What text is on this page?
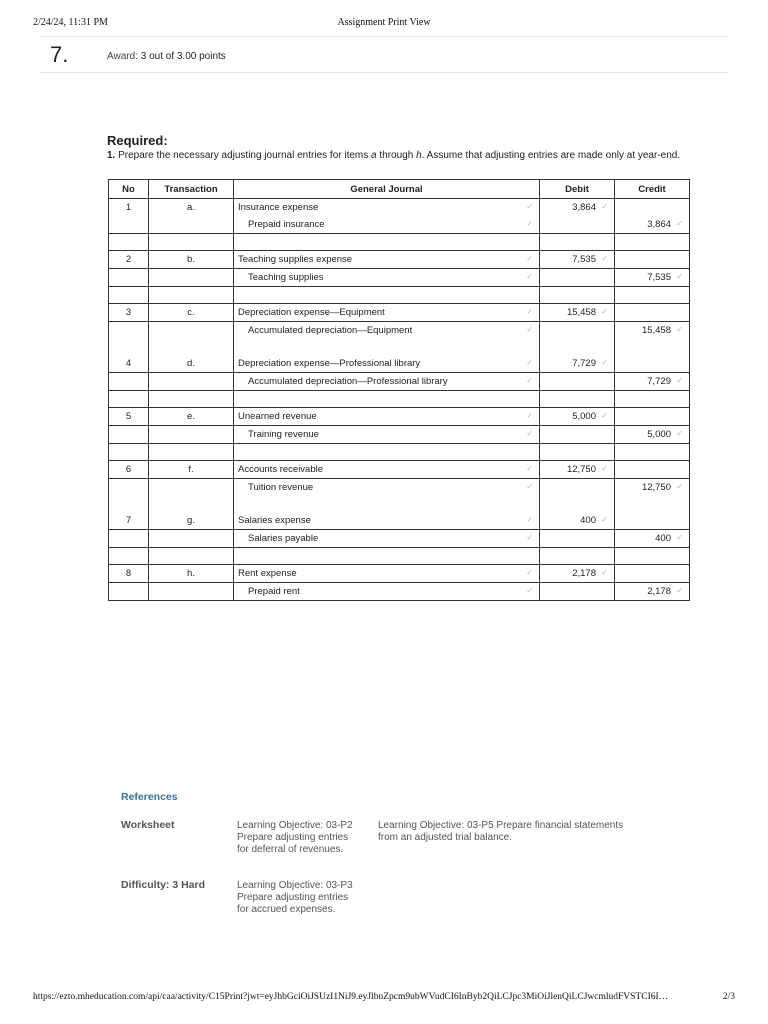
2/24/24, 11:31 PM	Assignment Print View
7.	Award: 3 out of 3.00 points
Required:
1. Prepare the necessary adjusting journal entries for items a through h. Assume that adjusting entries are made only at year-end.
No	Transaction	General Journal	Debit	Credit
1	a.	Insurance expense ✓	3,864 ✓	

		Prepaid insurance ✓		3,864 ✓

2	b.	Teaching supplies expense ✓	7,535 ✓	

		Teaching supplies ✓		7,535 ✓

3	c.	Depreciation expense—Equipment ✓	15,458 ✓	

		Accumulated depreciation—Equipment ✓		15,458 ✓

4	d.	Depreciation expense—Professional library ✓	7,729 ✓	

		Accumulated depreciation—Professional library ✓		7,729 ✓

5	e.	Unearned revenue ✓	5,000 ✓	

		Training revenue ✓		5,000 ✓

6	f.	Accounts receivable ✓	12,750 ✓	

		Tuition revenue ✓		12,750 ✓

7	g.	Salaries expense ✓	400 ✓	

		Salaries payable ✓		400 ✓

8	h.	Rent expense ✓	2,178 ✓	

		Prepaid rent ✓		2,178 ✓
References
Worksheet	Learning Objective: 03-P2
Prepare adjusting entries
for deferral of revenues.
Learning Objective: 03-P5 Prepare financial statements
from an adjusted trial balance.
Difficulty: 3 Hard	Learning Objective: 03-P3
Prepare adjusting entries
for accrued expenses.
https://ezto.mheducation.com/api/caa/activity/C15Print?jwt=eyJhbGciOiJSUzI1NiJ9.eyJlbnZpcm9ubWVudCI6InByb2QiLCJpc3MiOiJlenQiLCJwcmludFVSTCI6I…	2/3
